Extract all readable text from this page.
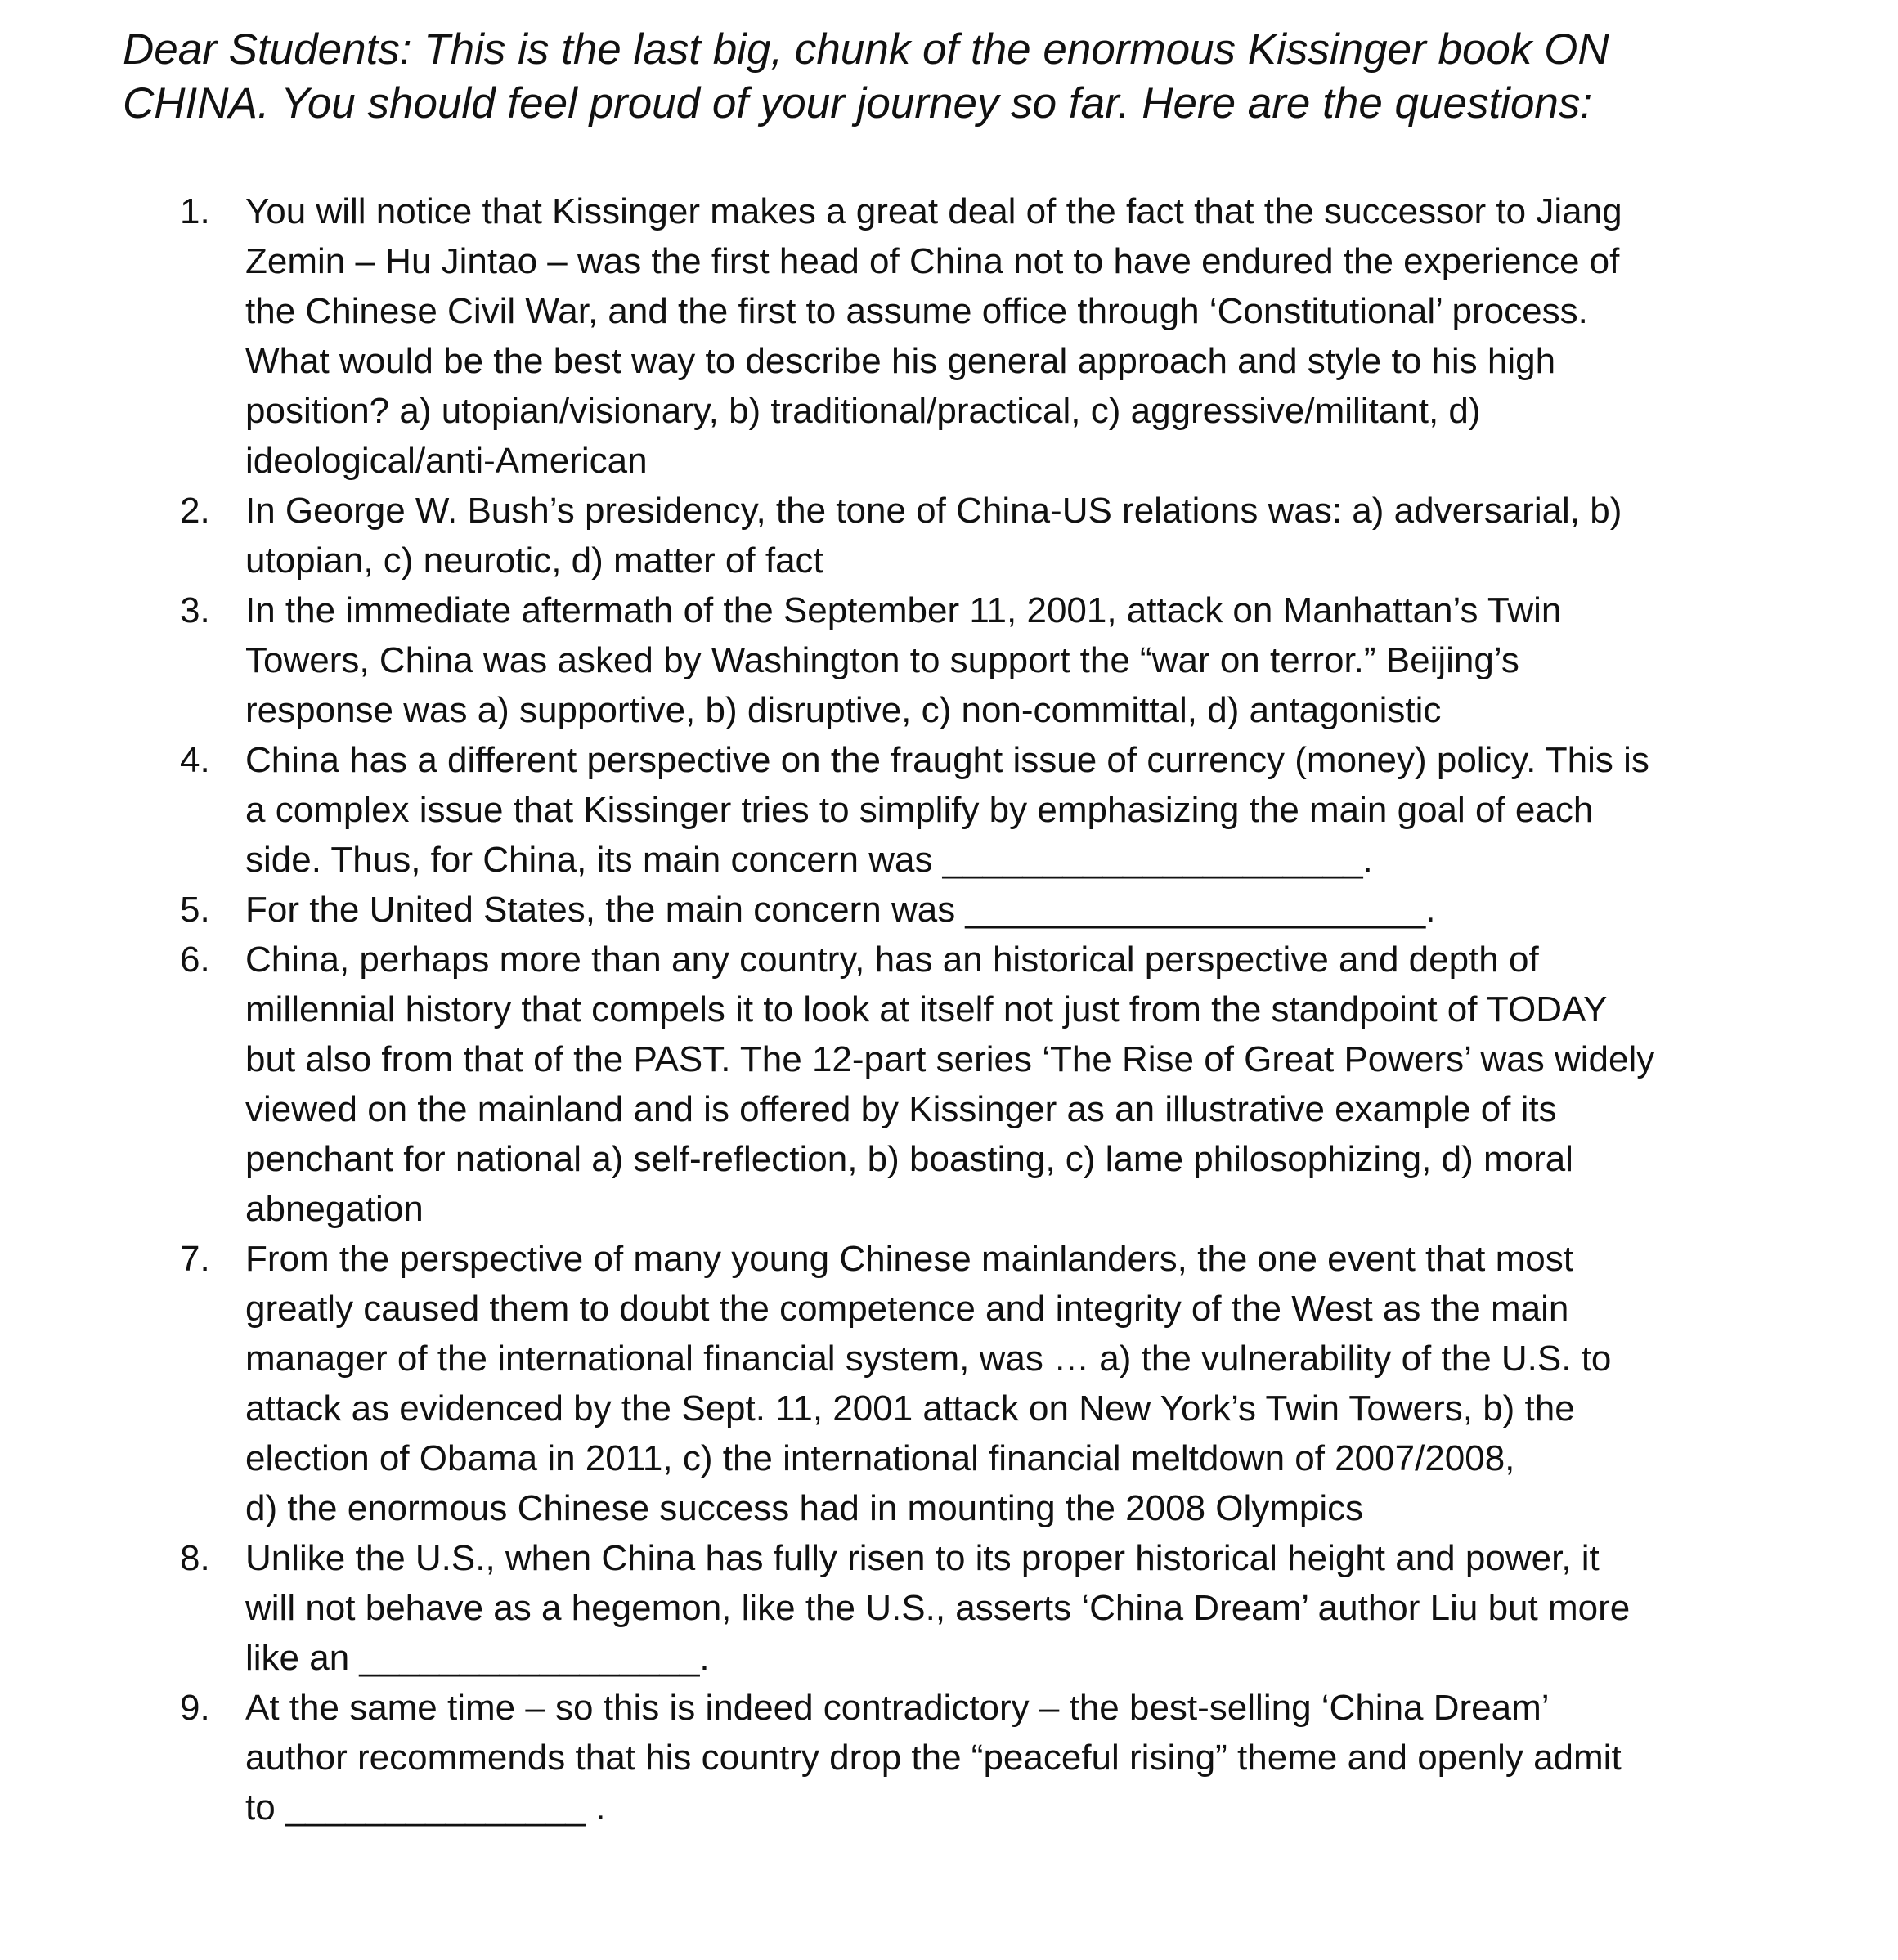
Dear Students: This is the last big, chunk of the enormous Kissinger book ON
CHINA. You should feel proud of your journey so far. Here are the questions:
1. You will notice that Kissinger makes a great deal of the fact that the successor to Jiang
Zemin – Hu Jintao – was the first head of China not to have endured the experience of
the Chinese Civil War, and the first to assume office through ‘Constitutional’ process.
What would be the best way to describe his general approach and style to his high
position? a) utopian/visionary, b) traditional/practical, c) aggressive/militant, d)
ideological/anti-American
2. In George W. Bush’s presidency, the tone of China-US relations was: a) adversarial, b)
utopian, c) neurotic, d) matter of fact
3. In the immediate aftermath of the September 11, 2001, attack on Manhattan’s Twin
Towers, China was asked by Washington to support the “war on terror.” Beijing’s
response was a) supportive, b) disruptive, c) non-committal, d) antagonistic
4. China has a different perspective on the fraught issue of currency (money) policy. This is
a complex issue that Kissinger tries to simplify by emphasizing the main goal of each
side. Thus, for China, its main concern was _____________________.
5. For the United States, the main concern was _______________________.
6. China, perhaps more than any country, has an historical perspective and depth of
millennial history that compels it to look at itself not just from the standpoint of TODAY
but also from that of the PAST. The 12-part series ‘The Rise of Great Powers’ was widely
viewed on the mainland and is offered by Kissinger as an illustrative example of its
penchant for national a) self-reflection, b) boasting, c) lame philosophizing, d) moral
abnegation
7. From the perspective of many young Chinese mainlanders, the one event that most
greatly caused them to doubt the competence and integrity of the West as the main
manager of the international financial system, was … a) the vulnerability of the U.S. to
attack as evidenced by the Sept. 11, 2001 attack on New York’s Twin Towers, b) the
election of Obama in 2011, c) the international financial meltdown of 2007/2008,
d) the enormous Chinese success had in mounting the 2008 Olympics
8. Unlike the U.S., when China has fully risen to its proper historical height and power, it
will not behave as a hegemon, like the U.S., asserts ‘China Dream’ author Liu but more
like an _________________.
9. At the same time – so this is indeed contradictory – the best-selling ‘China Dream’
author recommends that his country drop the “peaceful rising” theme and openly admit
to _______________ .
